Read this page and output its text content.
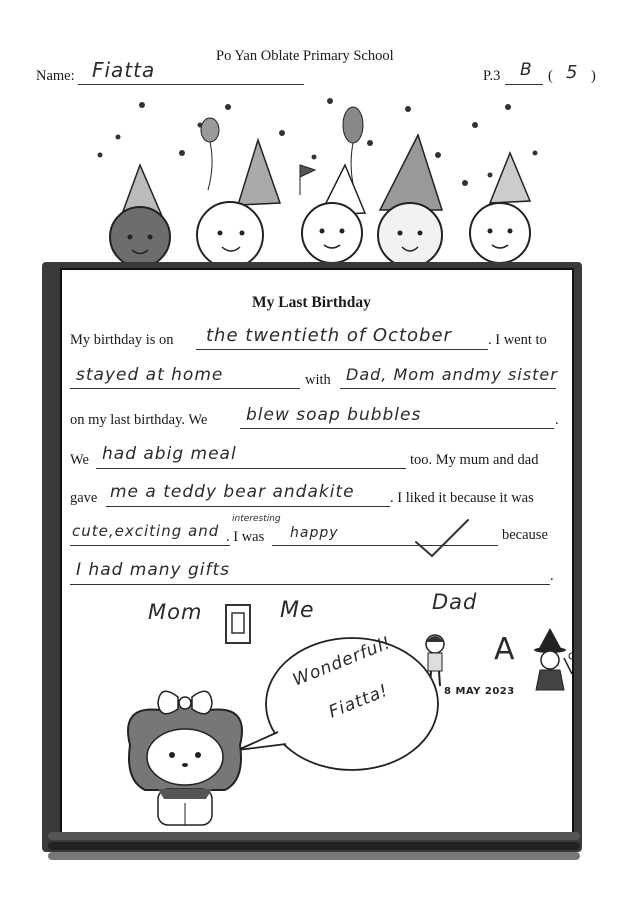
Po Yan Oblate Primary School
Name: Fiatta	P.3 B ( 5 )
My Last Birthday
My birthday is on the twentieth of October . I went to
stayed at home	with Dad, Mom andmy sister
on my last birthday. We blew soap bubbles	.
We had abig meal	too. My mum and dad
gave me a teddy bear andakite . I liked it because it was
cute,exciting and
interesting
. I was happy	because
I had many gifts	.
Mom	Me	Dad
A
8 MAY 2023
Wonderful!
Fiatta!
